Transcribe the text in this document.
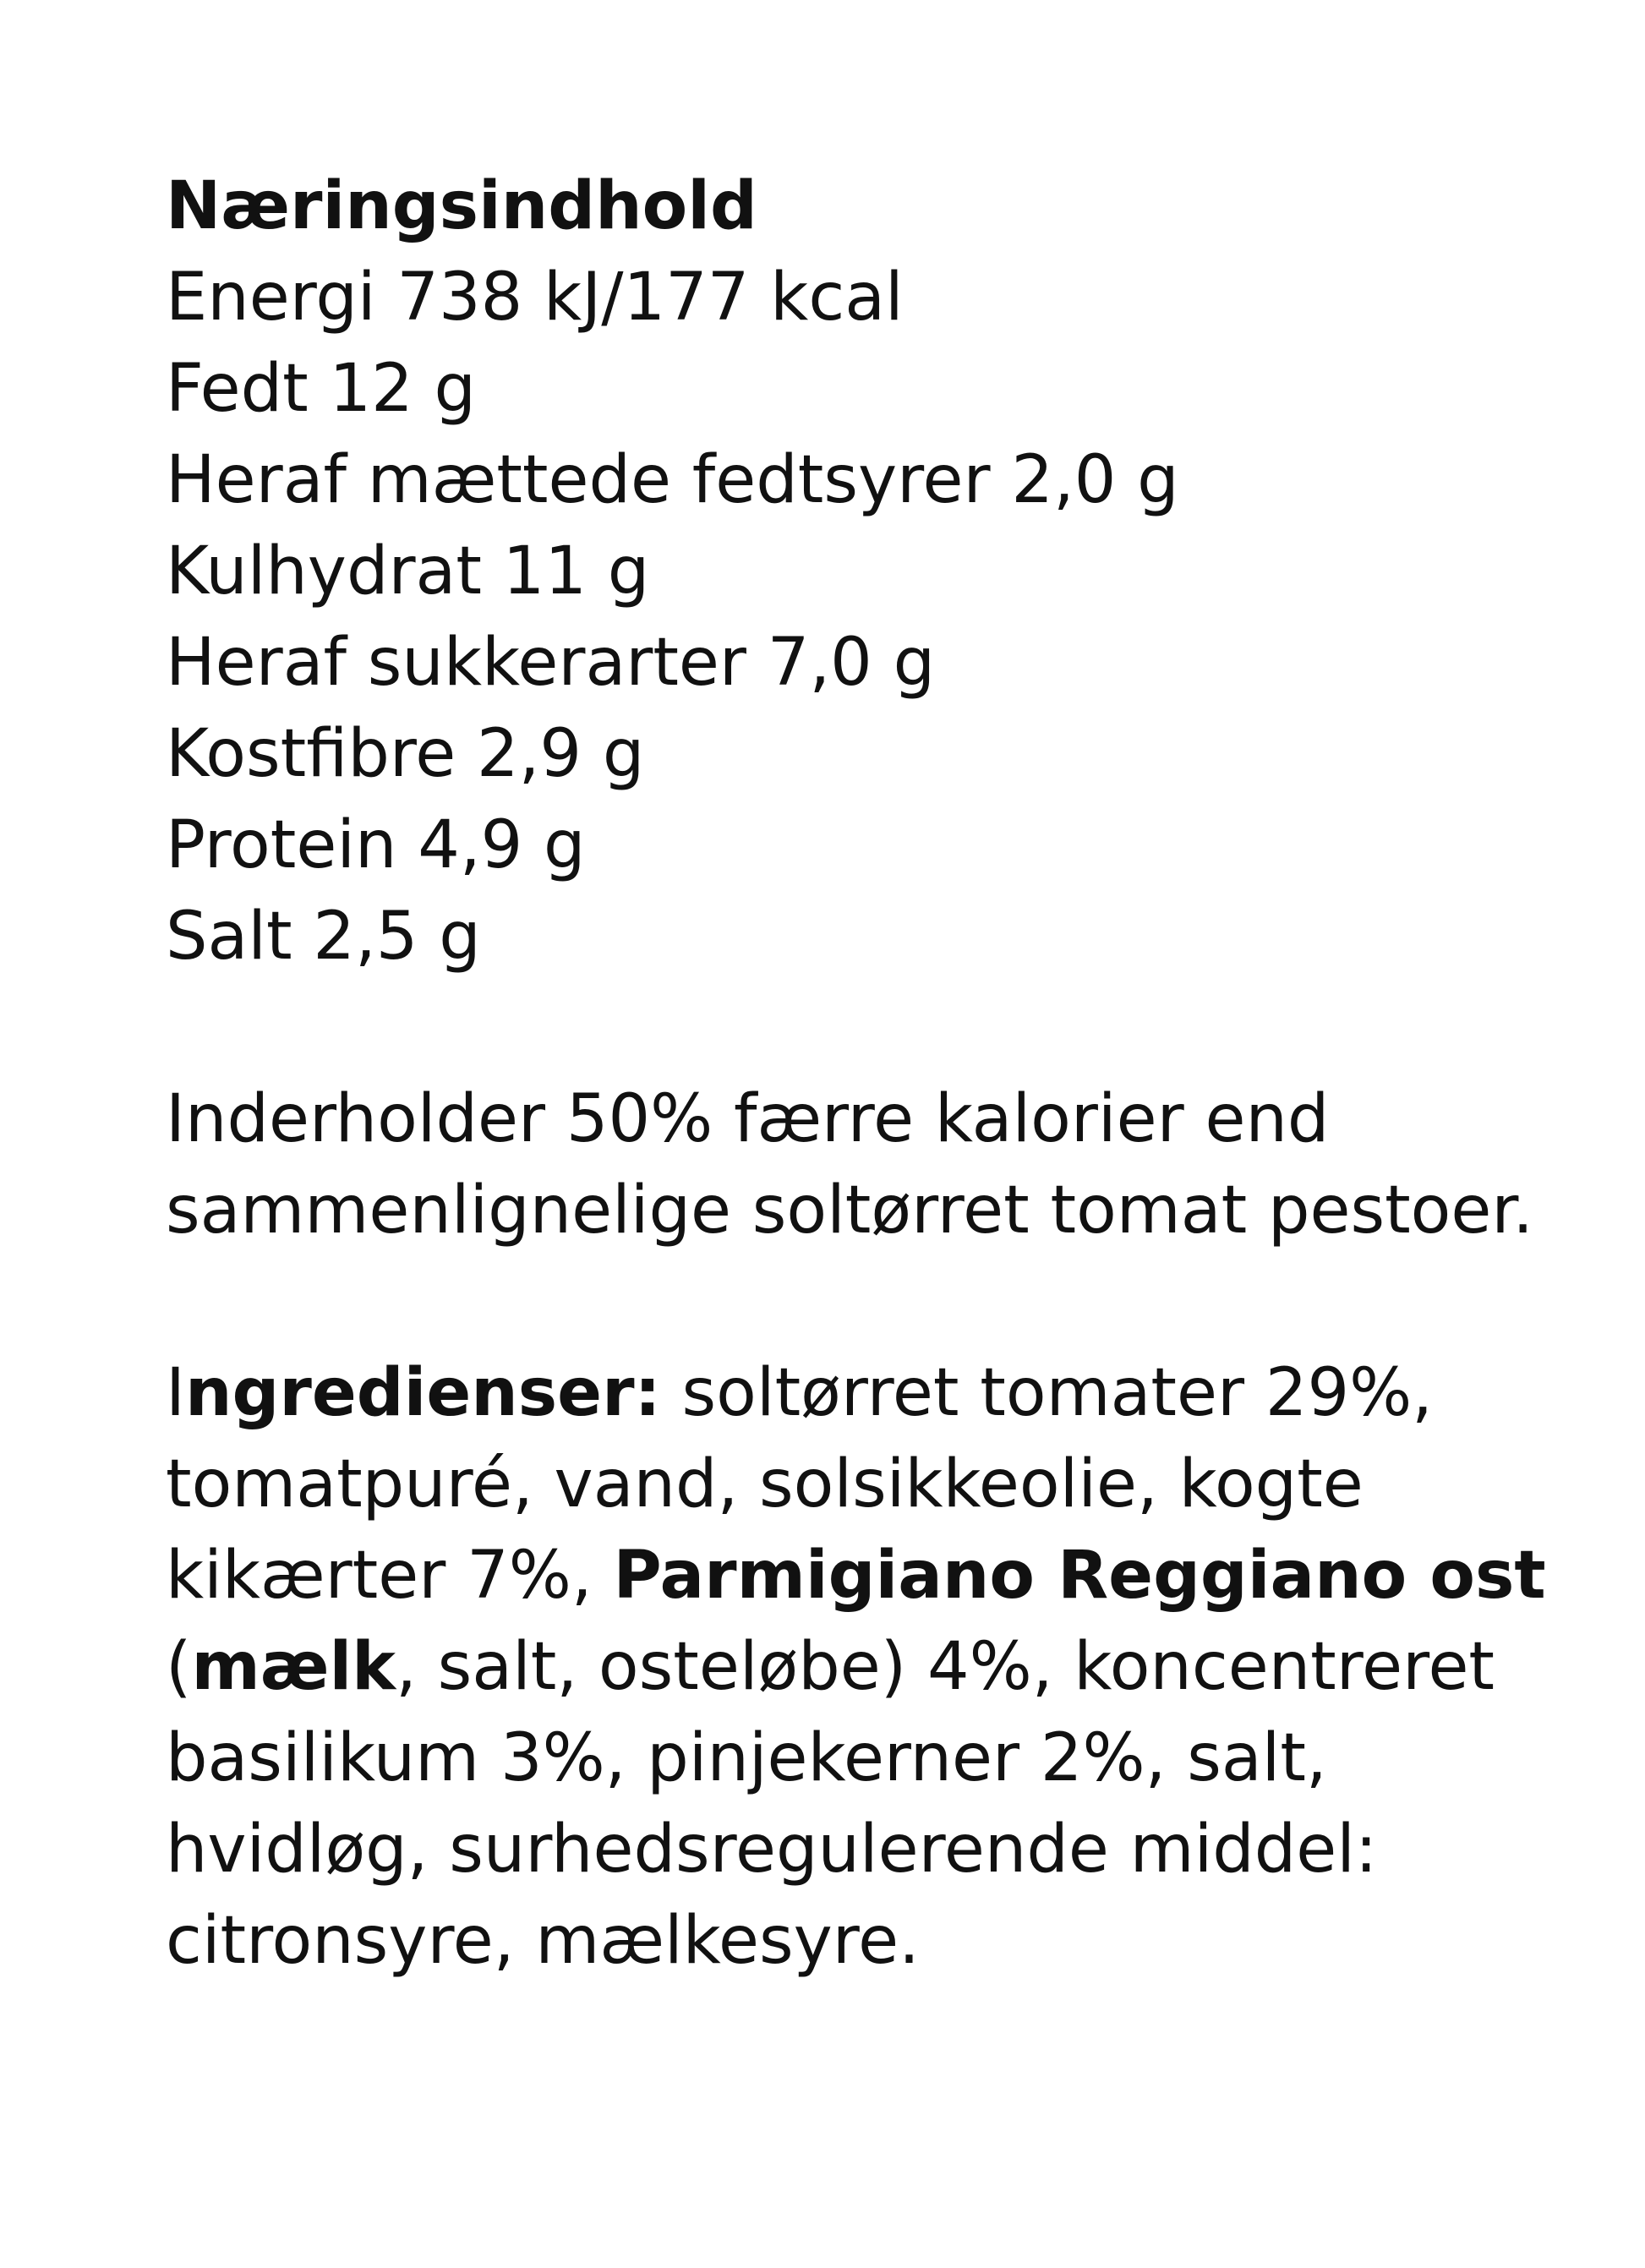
Næringsindhold
Energi 738 kJ/177 kcal
Fedt 12 g
Heraf mættede fedtsyrer 2,0 g
Kulhydrat 11 g
Heraf sukkerarter 7,0 g
Kostfibre 2,9 g
Protein 4,9 g
Salt 2,5 g
Inderholder 50% færre kalorier end
sammenlignelige soltørret tomat pestoer.
Ingredienser: soltørret tomater 29%,
tomatpuré, vand, solsikkeolie, kogte
kikærter 7%, Parmigiano Reggiano ost
(mælk, salt, osteløbe) 4%, koncentreret
basilikum 3%, pinjekerner 2%, salt,
hvidløg, surhedsregulerende middel:
citronsyre, mælkesyre.
